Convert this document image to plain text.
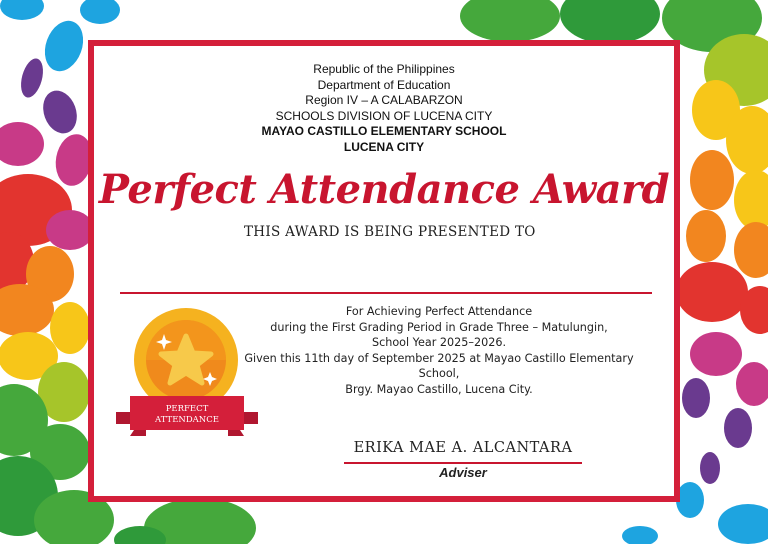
Republic of the Philippines
Department of Education
Region IV – A CALABARZON
SCHOOLS DIVISION OF LUCENA CITY
MAYAO CASTILLO ELEMENTARY SCHOOL
LUCENA CITY
Perfect Attendance Award
THIS AWARD IS BEING PRESENTED TO
PERFECT
ATTENDANCE
For Achieving Perfect Attendance
during the First Grading Period in Grade Three – Matulungin,
School Year 2025–2026.
Given this 11th day of September 2025 at Mayao Castillo Elementary School,
Brgy. Mayao Castillo, Lucena City.
ERIKA MAE A. ALCANTARA
Adviser
